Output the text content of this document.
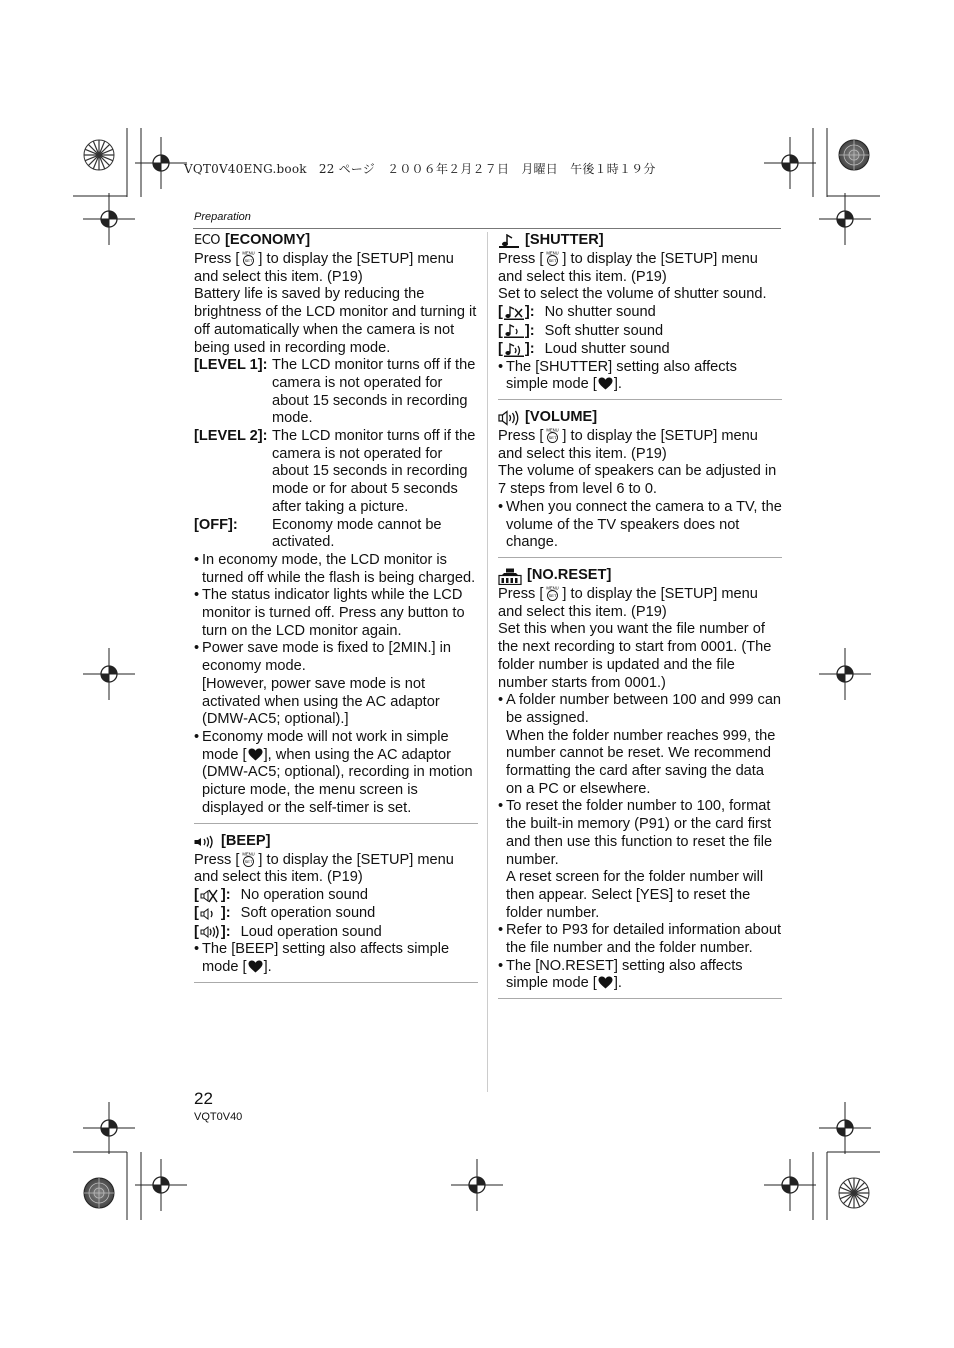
VQT0V40ENG.book　22 ページ　２００６年２月２７日　月曜日　午後１時１９分
Preparation
ECO [ECONOMY]

Press [ MENU
SET ] to display the [SETUP] menu and select this item. (P19)

Battery life is saved by reducing the brightness of the LCD monitor and turning it off automatically when the camera is not being used in recording mode.

[LEVEL 1]: The LCD monitor turns off if the camera is not operated for about 15 seconds in recording mode.
[LEVEL 2]: The LCD monitor turns off if the camera is not operated for about 15 seconds in recording mode or for about 5 seconds after taking a picture.
[OFF]:	Economy mode cannot be activated.
• In economy mode, the LCD monitor is turned off while the flash is being charged.
• The status indicator lights while the LCD monitor is turned off. Press any button to turn on the LCD monitor again.
• Power save mode is fixed to [2MIN.] in economy mode.
[However, power save mode is not activated when using the AC adaptor (DMW-AC5; optional).]
• Economy mode will not work in simple mode [ ], when using the AC adaptor (DMW-AC5; optional), recording in motion picture mode, the menu screen is displayed or the self-timer is set.
[BEEP]

Press [ MENU
SET ] to display the [SETUP] menu and select this item. (P19)

[ ]: No operation sound
[ ]: Soft operation sound
[ ]: Loud operation sound
• The [BEEP] setting also affects simple mode [ ].
[SHUTTER]

Press [ MENU
SET ] to display the [SETUP] menu and select this item. (P19)

Set to select the volume of shutter sound.

[ ]: No shutter sound
[ ]: Soft shutter sound
[ ]: Loud shutter sound
• The [SHUTTER] setting also affects simple mode [ ].
[VOLUME]

Press [ MENU
SET ] to display the [SETUP] menu and select this item. (P19)

The volume of speakers can be adjusted in 7 steps from level 6 to 0.

• When you connect the camera to a TV, the volume of the TV speakers does not change.
[NO.RESET]

Press [ MENU
SET ] to display the [SETUP] menu and select this item. (P19)

Set this when you want the file number of the next recording to start from 0001. (The folder number is updated and the file number starts from 0001.)

• A folder number between 100 and 999 can be assigned.
When the folder number reaches 999, the number cannot be reset. We recommend formatting the card after saving the data on a PC or elsewhere.
• To reset the folder number to 100, format the built-in memory (P91) or the card first and then use this function to reset the file number.
A reset screen for the folder number will then appear. Select [YES] to reset the folder number.
• Refer to P93 for detailed information about the file number and the folder number.
• The [NO.RESET] setting also affects simple mode [ ].
22
VQT0V40
